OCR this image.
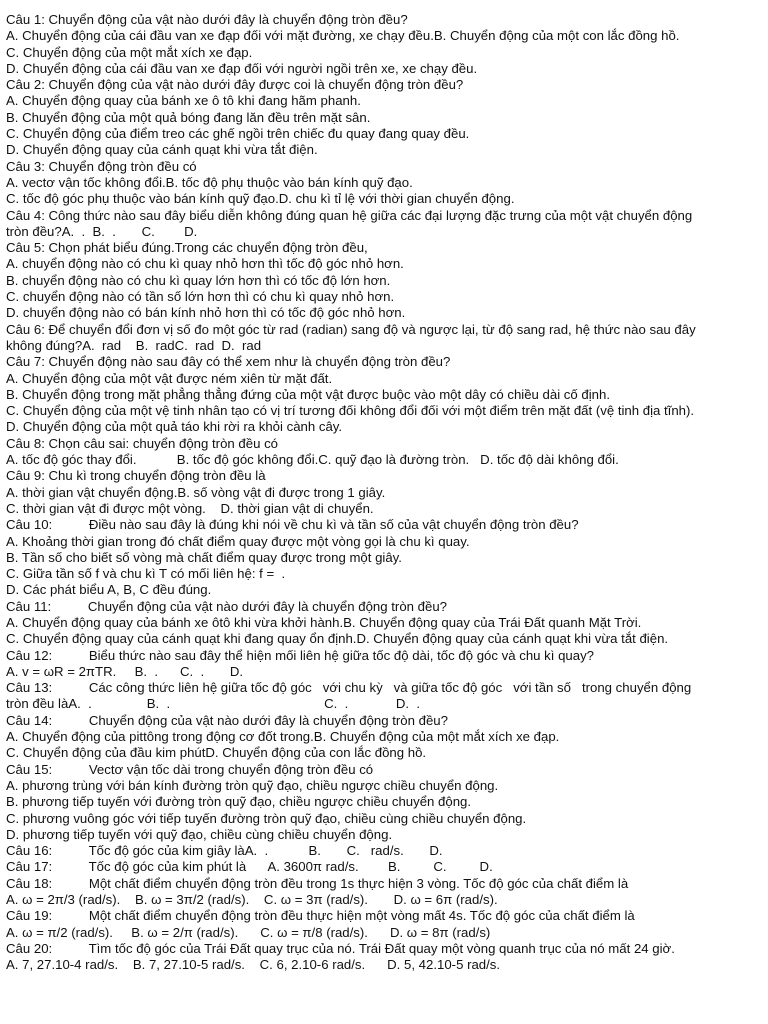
Câu 1: Chuyển động của vật nào dưới đây là chuyển động tròn đều?
A. Chuyển động của cái đầu van xe đạp đối với mặt đường, xe chạy đều.B. Chuyển động của một con lắc đồng hồ.
C. Chuyển động của một mắt xích xe đạp.
D. Chuyển động của cái đầu van xe đạp đối với người ngồi trên xe, xe chạy đều.
Câu 2: Chuyển động của vật nào dưới đây được coi là chuyển động tròn đều?
A. Chuyển động quay của bánh xe ô tô khi đang hãm phanh.
B. Chuyển động của một quả bóng đang lăn đều trên mặt sân.
C. Chuyển động của điểm treo các ghế ngồi trên chiếc đu quay đang quay đều.
D. Chuyển động quay của cánh quạt khi vừa tắt điện.
Câu 3: Chuyển động tròn đều có
A. vectơ vận tốc không đổi.B. tốc độ phụ thuộc vào bán kính quỹ đạo.
C. tốc độ góc phụ thuộc vào bán kính quỹ đạo.D. chu kì tỉ lệ với thời gian chuyển động.
Câu 4: Công thức nào sau đây biểu diễn không đúng quan hệ giữa các đại lượng đặc trưng của một vật chuyển động
tròn đều?A.  .  B.  .       C.        D.
Câu 5: Chọn phát biểu đúng.Trong các chuyển động tròn đều,
A. chuyển động nào có chu kì quay nhỏ hơn thì tốc độ góc nhỏ hơn.
B. chuyển động nào có chu kì quay lớn hơn thì có tốc độ lớn hơn.
C. chuyển động nào có tần số lớn hơn thì có chu kì quay nhỏ hơn.
D. chuyển động nào có bán kính nhỏ hơn thì có tốc độ góc nhỏ hơn.
Câu 6: Để chuyển đổi đơn vị số đo một góc từ rad (radian) sang độ và ngược lại, từ độ sang rad, hệ thức nào sau đây
không đúng?A.  rad    B.  radC.  rad  D.  rad
Câu 7: Chuyển động nào sau đây có thể xem như là chuyển động tròn đều?
A. Chuyển động của một vật được ném xiên từ mặt đất.
B. Chuyển động trong mặt phẳng thẳng đứng của một vật được buộc vào một dây có chiều dài cố định.
C. Chuyển động của một vệ tinh nhân tạo có vị trí tương đối không đổi đối với một điểm trên mặt đất (vệ tinh địa tĩnh).
D. Chuyển động của một quả táo khi rời ra khỏi cành cây.
Câu 8: Chọn câu sai: chuyển động tròn đều có
A. tốc độ góc thay đổi.           B. tốc độ góc không đổi.C. quỹ đạo là đường tròn.   D. tốc độ dài không đổi.
Câu 9: Chu kì trong chuyển động tròn đều là
A. thời gian vật chuyển động.B. số vòng vật đi được trong 1 giây.
C. thời gian vật đi được một vòng.    D. thời gian vật di chuyển.
Câu 10:          Điều nào sau đây là đúng khi nói về chu kì và tần số của vật chuyển động tròn đều?
A. Khoảng thời gian trong đó chất điểm quay được một vòng gọi là chu kì quay.
B. Tần số cho biết số vòng mà chất điểm quay được trong một giây.
C. Giữa tần số f và chu kì T có mối liên hệ: f =  .
D. Các phát biểu A, B, C đều đúng.
Câu 11:          Chuyển động của vật nào dưới đây là chuyển động tròn đều?
A. Chuyển động quay của bánh xe ôtô khi vừa khởi hành.B. Chuyển động quay của Trái Đất quanh Mặt Trời.
C. Chuyển động quay của cánh quạt khi đang quay ổn định.D. Chuyển động quay của cánh quạt khi vừa tắt điện.
Câu 12:          Biểu thức nào sau đây thể hiện mối liên hệ giữa tốc độ dài, tốc độ góc và chu kì quay?
A. v = ωR = 2πTR.     B.  .      C.  .       D.
Câu 13:          Các công thức liên hệ giữa tốc độ góc   với chu kỳ   và giữa tốc độ góc   với tần số   trong chuyển động
tròn đều làA.  .               B.  .                                          C.  .             D.  .
Câu 14:          Chuyển động của vật nào dưới đây là chuyển động tròn đều?
A. Chuyển động của pittông trong động cơ đốt trong.B. Chuyển động của một mắt xích xe đạp.
C. Chuyển động của đầu kim phútD. Chuyển động của con lắc đồng hồ.
Câu 15:          Vectơ vận tốc dài trong chuyển động tròn đều có
A. phương trùng với bán kính đường tròn quỹ đạo, chiều ngược chiều chuyển động.
B. phương tiếp tuyến với đường tròn quỹ đạo, chiều ngược chiều chuyển động.
C. phương vuông góc với tiếp tuyến đường tròn quỹ đạo, chiều cùng chiều chuyển động.
D. phương tiếp tuyến với quỹ đạo, chiều cùng chiều chuyển động.
Câu 16:          Tốc độ góc của kim giây làA.  .           B.       C.   rad/s.       D.
Câu 17:          Tốc độ góc của kim phút là      A. 3600π rad/s.        B.         C.         D.
Câu 18:          Một chất điểm chuyển động tròn đều trong 1s thực hiện 3 vòng. Tốc độ góc của chất điểm là
A. ω = 2π/3 (rad/s).    B. ω = 3π/2 (rad/s).    C. ω = 3π (rad/s).       D. ω = 6π (rad/s).
Câu 19:          Một chất điểm chuyển động tròn đều thực hiện một vòng mất 4s. Tốc độ góc của chất điểm là
A. ω = π/2 (rad/s).     B. ω = 2/π (rad/s).      C. ω = π/8 (rad/s).      D. ω = 8π (rad/s)
Câu 20:          Tìm tốc độ góc của Trái Đất quay trục của nó. Trái Đất quay một vòng quanh trục của nó mất 24 giờ.
A. 7, 27.10-4 rad/s.    B. 7, 27.10-5 rad/s.    C. 6, 2.10-6 rad/s.      D. 5, 42.10-5 rad/s.
